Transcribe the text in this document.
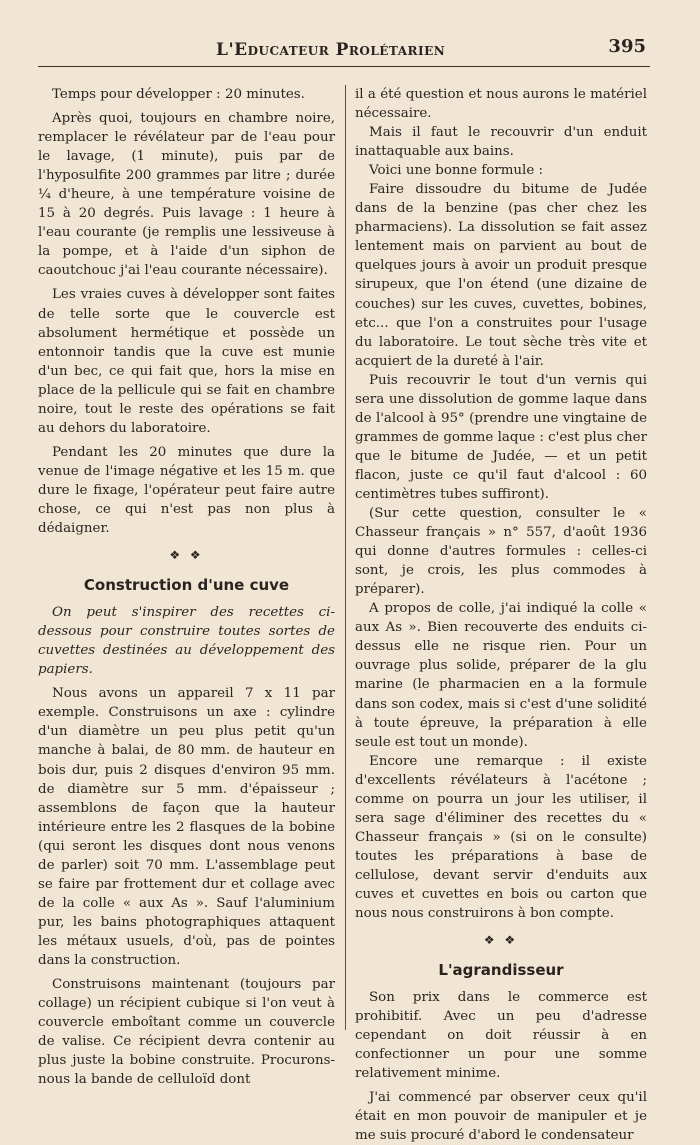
L'Educateur Prolétarien	395

Temps pour développer : 20 minutes.

Après quoi, toujours en chambre noire, remplacer le révélateur par de l'eau pour le lavage, (1 minute), puis par de l'hyposulfite 200 grammes par litre ; durée ¼ d'heure, à une température voisine de 15 à 20 degrés. Puis lavage : 1 heure à l'eau courante (je remplis une lessiveuse à la pompe, et à l'aide d'un siphon de caoutchouc j'ai l'eau courante nécessaire).

Les vraies cuves à développer sont faites de telle sorte que le couvercle est absolument hermétique et possède un entonnoir tandis que la cuve est munie d'un bec, ce qui fait que, hors la mise en place de la pellicule qui se fait en chambre noire, tout le reste des opérations se fait au dehors du laboratoire.

Pendant les 20 minutes que dure la venue de l'image négative et les 15 m. que dure le fixage, l'opérateur peut faire autre chose, ce qui n'est pas non plus à dédaigner.

❖ ❖

Construction d'une cuve

On peut s'inspirer des recettes ci-dessous pour construire toutes sortes de cuvettes destinées au développement des papiers.

Nous avons un appareil 7 x 11 par exemple. Construisons un axe : cylindre d'un diamètre un peu plus petit qu'un manche à balai, de 80 mm. de hauteur en bois dur, puis 2 disques d'environ 95 mm. de diamètre sur 5 mm. d'épaisseur ; assemblons de façon que la hauteur intérieure entre les 2 flasques de la bobine (qui seront les disques dont nous venons de parler) soit 70 mm. L'assemblage peut se faire par frottement dur et collage avec de la colle « aux As ». Sauf l'aluminium pur, les bains photographiques attaquent les métaux usuels, d'où, pas de pointes dans la construction.

Construisons maintenant (toujours par collage) un récipient cubique si l'on veut à couvercle emboîtant comme un couvercle de valise. Ce récipient devra contenir au plus juste la bobine construite. Procurons-nous la bande de celluloïd dont

il a été question et nous aurons le matériel nécessaire.

Mais il faut le recouvrir d'un enduit inattaquable aux bains.

Voici une bonne formule :

Faire dissoudre du bitume de Judée dans de la benzine (pas cher chez les pharmaciens). La dissolution se fait assez lentement mais on parvient au bout de quelques jours à avoir un produit presque sirupeux, que l'on étend (une dizaine de couches) sur les cuves, cuvettes, bobines, etc... que l'on a construites pour l'usage du laboratoire. Le tout sèche très vite et acquiert de la dureté à l'air.

Puis recouvrir le tout d'un vernis qui sera une dissolution de gomme laque dans de l'alcool à 95° (prendre une vingtaine de grammes de gomme laque : c'est plus cher que le bitume de Judée, — et un petit flacon, juste ce qu'il faut d'alcool : 60 centimètres tubes suffiront).

(Sur cette question, consulter le « Chasseur français » n° 557, d'août 1936 qui donne d'autres formules : celles-ci sont, je crois, les plus commodes à préparer).

A propos de colle, j'ai indiqué la colle « aux As ». Bien recouverte des enduits ci-dessus elle ne risque rien. Pour un ouvrage plus solide, préparer de la glu marine (le pharmacien en a la formule dans son codex, mais si c'est d'une solidité à toute épreuve, la préparation à elle seule est tout un monde).

Encore une remarque : il existe d'excellents révélateurs à l'acétone ; comme on pourra un jour les utiliser, il sera sage d'éliminer des recettes du « Chasseur français » (si on le consulte) toutes les préparations à base de cellulose, devant servir d'enduits aux cuves et cuvettes en bois ou carton que nous nous construirons à bon compte.

❖ ❖

L'agrandisseur

Son prix dans le commerce est prohibitif. Avec un peu d'adresse cependant on doit réussir à en confectionner un pour une somme relativement minime.

J'ai commencé par observer ceux qu'il était en mon pouvoir de manipuler et je me suis procuré d'abord le condensateur
